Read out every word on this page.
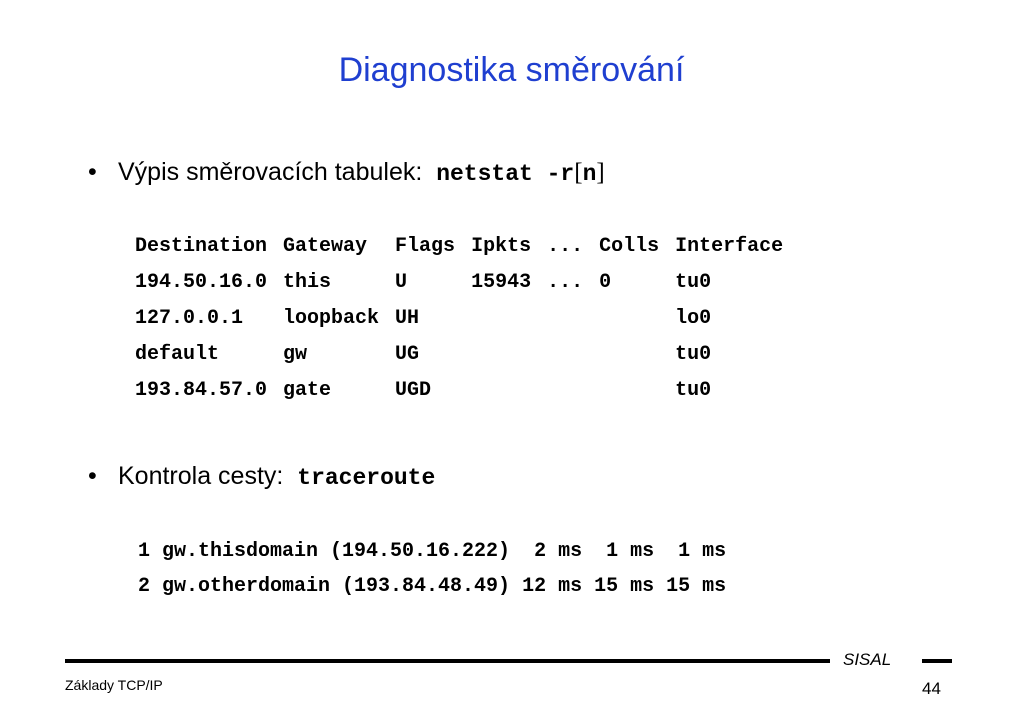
Diagnostika směrování
• Výpis směrovacích tabulek: netstat -r[n]
Destination	Gateway	Flags	Ipkts	...	Colls	Interface
194.50.16.0	this	U	15943	...	0	tu0
127.0.0.1	loopback	UH				lo0
default	gw	UG				tu0
193.84.57.0	gate	UGD				tu0
• Kontrola cesty: traceroute
1 gw.thisdomain (194.50.16.222)  2 ms  1 ms  1 ms
2 gw.otherdomain (193.84.48.49) 12 ms 15 ms 15 ms
SISAL
Základy TCP/IP	44
